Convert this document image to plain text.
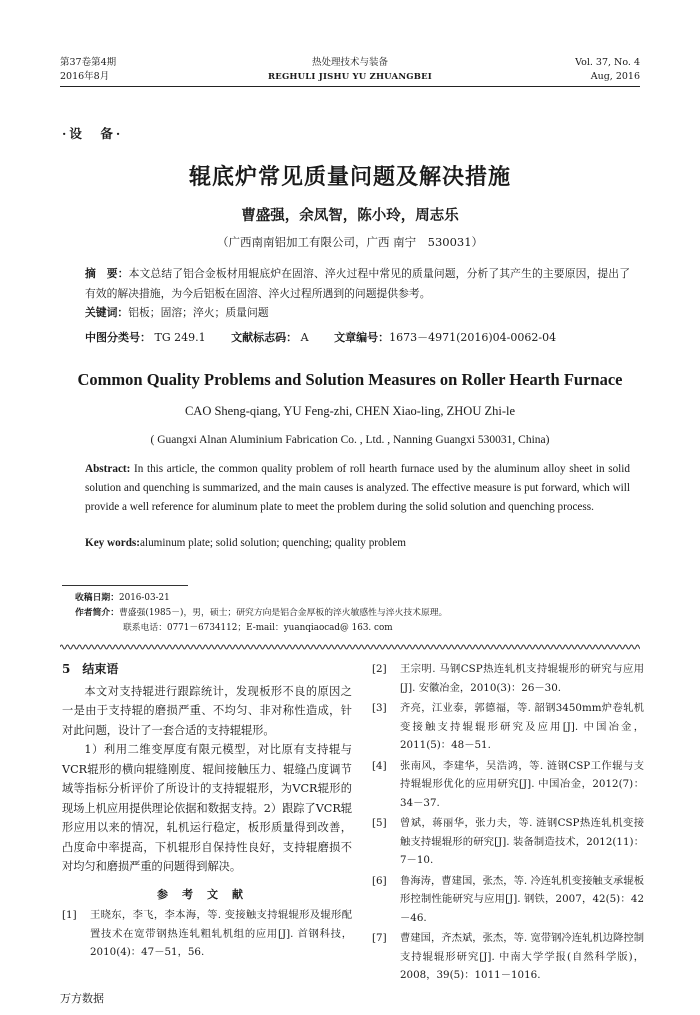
第37卷第4期
2016年8月
热处理技术与装备
REGHULI JISHU YU ZHUANGBEI
Vol. 37, No. 4
Aug, 2016
·设　备·
辊底炉常见质量问题及解决措施
曹盛强，余凤智，陈小玲，周志乐
（广西南南铝加工有限公司，广西 南宁　530031）
摘　要：本文总结了铝合金板材用辊底炉在固溶、淬火过程中常见的质量问题，分析了其产生的主要原因，提出了有效的解决措施，为今后铝板在固溶、淬火过程所遇到的问题提供参考。
关键词：铝板；固溶；淬火；质量问题
中图分类号： TG 249.1 文献标志码： A 文章编号：1673－4971(2016)04-0062-04
Common Quality Problems and Solution Measures on Roller Hearth Furnace
CAO Sheng-qiang, YU Feng-zhi, CHEN Xiao-ling, ZHOU Zhi-le
( Guangxi Alnan Aluminium Fabrication Co. , Ltd. , Nanning Guangxi 530031, China)
Abstract: In this article, the common quality problem of roll hearth furnace used by the aluminum alloy sheet in solid solution and quenching is summarized, and the main causes is analyzed. The effective measure is put forward, which will provide a well reference for aluminum plate to meet the problem during the solid solution and quenching process.
Key words:aluminum plate; solid solution; quenching; quality problem
收稿日期：2016-03-21
作者简介：曹盛强(1985－)，男，硕士；研究方向是铝合金厚板的淬火敏感性与淬火技术原理。
联系电话：0771－6734112；E-mail：yuanqiaocad@ 163. com
5　结束语

本文对支持辊进行跟踪统计，发现板形不良的原因之一是由于支持辊的磨损严重、不均匀、非对称性造成，针对此问题，设计了一套合适的支持辊辊形。

1）利用二维变厚度有限元模型，对比原有支持辊与VCR辊形的横向辊缝刚度、辊间接触压力、辊缝凸度调节域等指标分析评价了所设计的支持辊辊形，为VCR辊形的现场上机应用提供理论依据和数据支持。2）跟踪了VCR辊形应用以来的情况，轧机运行稳定，板形质量得到改善，凸度命中率提高，下机辊形自保持性良好，支持辊磨损不对均匀和磨损严重的问题得到解决。

参考文献
[1] 王晓东，李飞，李本海，等. 变接触支持辊辊形及辊形配置技术在宽带钢热连轧粗轧机组的应用[J]. 首钢科技，2010(4)：47－51，56.
[2] 王宗明. 马钢CSP热连轧机支持辊辊形的研究与应用[J]. 安徽冶金，2010(3)：26－30.
[3] 齐亮，江业泰，郭德福，等. 韶钢3450mm炉卷轧机变接触支持辊辊形研究及应用[J]. 中国冶金，2011(5)：48－51.
[4] 张南风，李建华，吴浩鸿，等. 涟钢CSP工作辊与支持辊辊形优化的应用研究[J]. 中国冶金，2012(7)：34－37.
[5] 曾斌，蒋丽华，张力夫，等. 涟钢CSP热连轧机变接触支持辊辊形的研究[J]. 装备制造技术，2012(11)：7－10.
[6] 鲁海涛，曹建国，张杰，等. 冷连轧机变接触支承辊板形控制性能研究与应用[J]. 钢铁，2007，42(5)：42－46.
[7] 曹建国，齐杰斌，张杰，等. 宽带钢冷连轧机边降控制支持辊辊形研究[J]. 中南大学学报(自然科学版)，2008，39(5)：1011－1016.
万方数据
